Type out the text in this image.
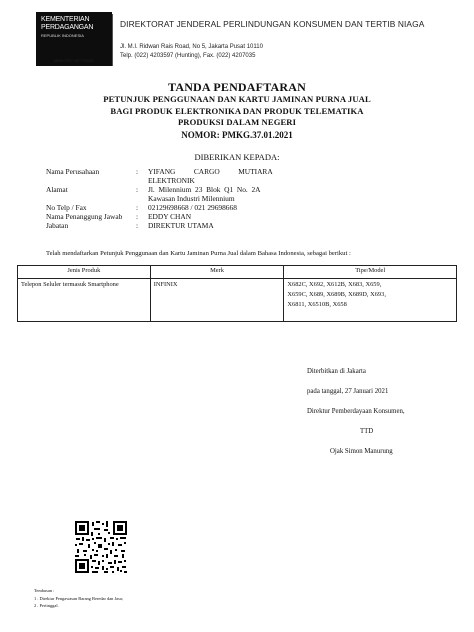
KEMENTERIAN
PERDAGANGAN
REPUBLIK INDONESIA
MINISTRY OF TRADE
DIREKTORAT JENDERAL PERLINDUNGAN KONSUMEN DAN TERTIB NIAGA
Jl. M.I. Ridwan Rais Road, No 5, Jakarta Pusat 10110
Telp. (022) 4203597 (Hunting), Fax. (022) 4207035
TANDA PENDAFTARAN
PETUNJUK PENGGUNAAN DAN KARTU JAMINAN PURNA JUAL
BAGI PRODUK ELEKTRONIKA DAN PRODUK TELEMATIKA
PRODUKSI DALAM NEGERI
NOMOR: PMKG.37.01.2021
DIBERIKAN KEPADA:
Nama Perusahaan	: YIFANG          CARGO          MUTIARA
ELEKTRONIK
Alamat	: Jl.  Milennium  23  Blok  Q1  No.  2A
Kawasan Industri Milennium
No Telp / Fax	: 02129698668 / 021 29698668
Nama Penanggung Jawab : EDDY CHAN
Jabatan	: DIREKTUR UTAMA
Telah mendaftarkan Petunjuk Penggunaan dan Kartu Jaminan Purna Jual dalam Bahasa Indonesia, sebagai berikut :
Jenis Produk	Merk	Tipe/Model
Telepon Seluler termasuk Smartphone	INFINIX	X682C, X692, X612B, X683, X659,
X659C, X689, X689B, X689D, X693,
X6811, X6510B, X658
Diterbitkan di Jakarta
pada tanggal, 27 Januari 2021
Direktur Pemberdayaan Konsumen,
TTD
Ojak Simon Manurung
Tembusan :
1 . Direktur Pengawasan Barang Beredar dan Jasa;
2 . Pertinggal.
